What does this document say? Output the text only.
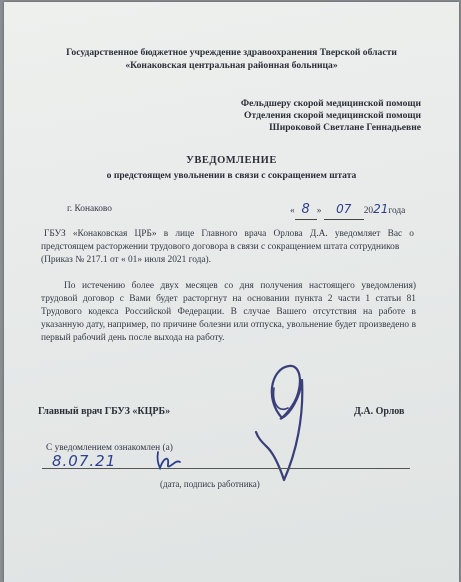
Государственное бюджетное учреждение здравоохранения Тверской области
«Конаковская центральная районная больница»
Фельдшеру скорой медицинской помощи
Отделения скорой медицинской помощи
Широковой Светлане Геннадьевне
УВЕДОМЛЕНИЕ
о предстоящем увольнении в связи с сокращением штата
г. Конаково	« 8 » 07 2021года
ГБУЗ «Конаковская ЦРБ» в лице Главного врача Орлова Д.А. уведомляет Вас о
предстоящем расторжении трудового договора в связи с сокращением штата сотрудников
(Приказ № 217.1 от « 01» июля 2021 года).
По истечению более двух месяцев со дня получения настоящего уведомления)
трудовой договор с Вами будет расторгнут на основании пункта 2 части 1 статьи 81
Трудового кодекса Российской Федерации. В случае Вашего отсутствия на работе в
указанную дату, например, по причине болезни или отпуска, увольнение будет произведено в
первый рабочий день после выхода на работу.
Главный врач ГБУЗ «КЦРБ»	Д.А. Орлов
С уведомлением ознакомлен (а)
8.07.21
(дата, подпись работника)
